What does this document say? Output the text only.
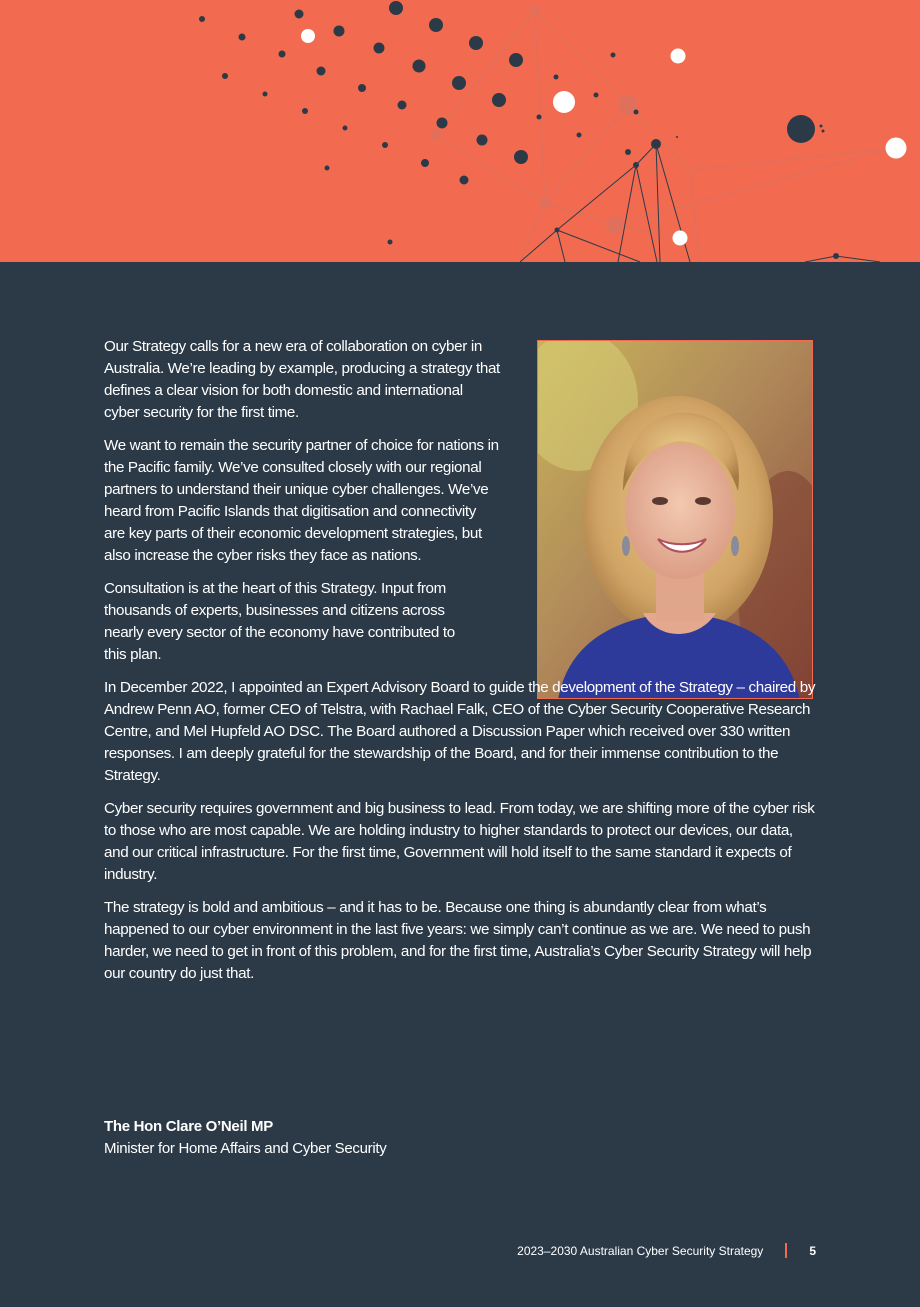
Our Strategy calls for a new era of collaboration on cyber in Australia. We’re leading by example, producing a strategy that defines a clear vision for both domestic and international cyber security for the first time.

We want to remain the security partner of choice for nations in the Pacific family. We’ve consulted closely with our regional partners to understand their unique cyber challenges. We’ve heard from Pacific Islands that digitisation and connectivity are key parts of their economic development strategies, but also increase the cyber risks they face as nations.

Consultation is at the heart of this Strategy. Input from thousands of experts, businesses and citizens across nearly every sector of the economy have contributed to this plan.

In December 2022, I appointed an Expert Advisory Board to guide the development of the Strategy – chaired by Andrew Penn AO, former CEO of Telstra, with Rachael Falk, CEO of the Cyber Security Cooperative Research Centre, and Mel Hupfeld AO DSC. The Board authored a Discussion Paper which received over 330 written responses. I am deeply grateful for the stewardship of the Board, and for their immense contribution to the Strategy.

Cyber security requires government and big business to lead. From today, we are shifting more of the cyber risk to those who are most capable. We are holding industry to higher standards to protect our devices, our data, and our critical infrastructure. For the first time, Government will hold itself to the same standard it expects of industry.

The strategy is bold and ambitious – and it has to be. Because one thing is abundantly clear from what’s happened to our cyber environment in the last five years: we simply can’t continue as we are. We need to push harder, we need to get in front of this problem, and for the first time, Australia’s Cyber Security Strategy will help our country do just that.

The Hon Clare O’Neil MP
Minister for Home Affairs and Cyber Security
2023–2030 Australian Cyber Security Strategy	5
